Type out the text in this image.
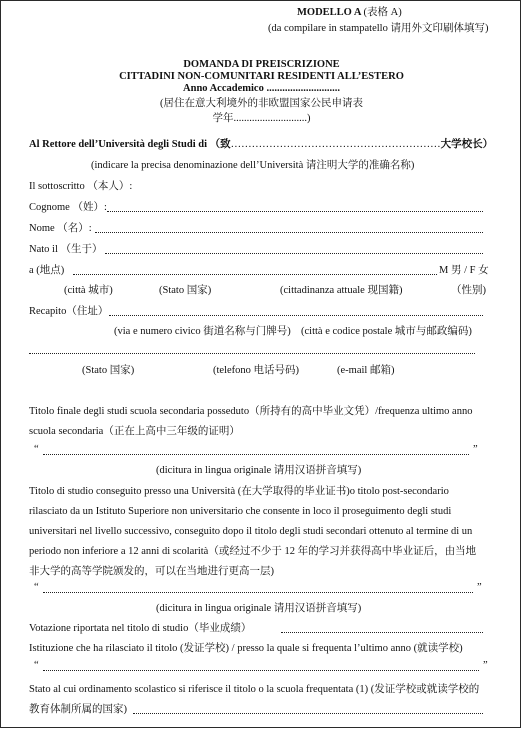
MODELLO A (表格 A)
(da compilare in stampatello 请用外文印刷体填写)
DOMANDA DI PREISCRIZIONE
CITTADINI NON-COMUNITARI RESIDENTI ALL’ESTERO
Anno Accademico ............................
(居住在意大利境外的非欧盟国家公民申请表
学年............................)
Al Rettore dell’Università degli Studi di （致……………………………………………………大学校长）
(indicare la precisa denominazione dell’Università 请注明大学的准确名称)
Il sottoscritto （本人）:
Cognome （姓）:
Nome （名）:
Nato il （生于）
a (地点)	M 男 / F 女
(città 城市)	(Stato 国家)	(cittadinanza attuale 现国籍)	（性别)
Recapito（住址）
(via e numero civico 街道名称与门牌号) (città e codice postale 城市与邮政编码)
(Stato 国家)	(telefono 电话号码)	(e-mail 邮箱)
Titolo finale degli studi scuola secondaria posseduto（所持有的高中毕业文凭）/frequenza ultimo anno
scuola secondaria（正在上高中三年级的证明）
“	”
(dicitura in lingua originale 请用汉语拼音填写)
Titolo di studio conseguito presso una Università (在大学取得的毕业证书)o titolo post-secondario
rilasciato da un Istituto Superiore non universitario che consente in loco il proseguimento degli studi
universitari nel livello successivo, conseguito dopo il titolo degli studi secondari ottenuto al termine di un
periodo non inferiore a 12 anni di scolarità（或经过不少于 12 年的学习并获得高中毕业证后，由当地
非大学的高等学院颁发的，可以在当地进行更高一层)
“	”
(dicitura in lingua originale 请用汉语拼音填写)
Votazione riportata nel titolo di studio（毕业成绩）
Istituzione che ha rilasciato il titolo (发证学校) / presso la quale si frequenta l’ultimo anno (就读学校)
“	”
Stato al cui ordinamento scolastico si riferisce il titolo o la scuola frequentata (1) (发证学校或就读学校的
教育体制所属的国家)
